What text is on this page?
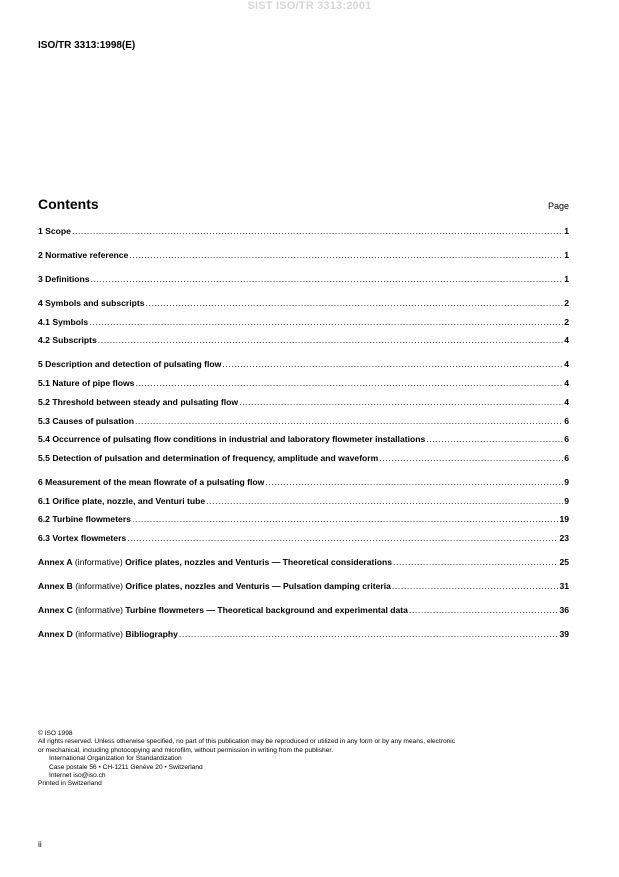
SIST ISO/TR 3313:2001
ISO/TR 3313:1998(E)
Contents	Page
1 Scope .....	1
2 Normative reference .....	1
3 Definitions .....	1
4 Symbols and subscripts .....	2
4.1 Symbols .....	2
4.2 Subscripts .....	4
5 Description and detection of pulsating flow .....	4
5.1 Nature of pipe flows .....	4
5.2 Threshold between steady and pulsating flow .....	4
5.3 Causes of pulsation .....	6
5.4 Occurrence of pulsating flow conditions in industrial and laboratory flowmeter installations .....	6
5.5 Detection of pulsation and determination of frequency, amplitude and waveform .....	6
6 Measurement of the mean flowrate of a pulsating flow .....	9
6.1 Orifice plate, nozzle, and Venturi tube .....	9
6.2 Turbine flowmeters .....	19
6.3 Vortex flowmeters .....	23
Annex A (informative) Orifice plates, nozzles and Venturis — Theoretical considerations .....	25
Annex B (informative) Orifice plates, nozzles and Venturis — Pulsation damping criteria .....	31
Annex C (informative) Turbine flowmeters — Theoretical background and experimental data .....	36
Annex D (informative) Bibliography .....	39
© ISO 1998
All rights reserved. Unless otherwise specified, no part of this publication may be reproduced or utilized in any form or by any means, electronic
or mechanical, including photocopying and microfilm, without permission in writing from the publisher.
International Organization for Standardization
Case postale 56 • CH-1211 Genève 20 • Switzerland
Internet iso@iso.ch
Printed in Switzerland
ii
